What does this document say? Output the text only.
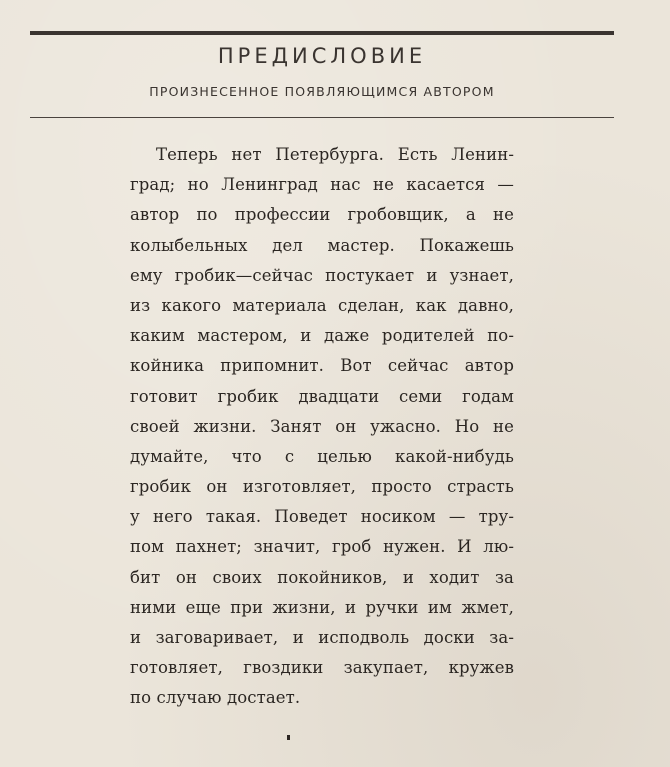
ПРЕДИСЛОВИЕ

ПРОИЗНЕСЕННОЕ ПОЯВЛЯЮЩИМСЯ АВТОРОМ

Теперь нет Петербурга. Есть Ленин-
град; но Ленинград нас не касается —
автор по профессии гробовщик, а не
колыбельных дел мастер. Покажешь
ему гробик—сейчас постукает и узнает,
из какого материала сделан, как давно,
каким мастером, и даже родителей по-
койника припомнит. Вот сейчас автор
готовит гробик двадцати семи годам
своей жизни. Занят он ужасно. Но не
думайте, что с целью какой-нибудь
гробик он изготовляет, просто страсть
у него такая. Поведет носиком — тру-
пом пахнет; значит, гроб нужен. И лю-
бит он своих покойников, и ходит за
ними еще при жизни, и ручки им жмет,
и заговаривает, и исподволь доски за-
готовляет, гвоздики закупает, кружев
по случаю достает.
